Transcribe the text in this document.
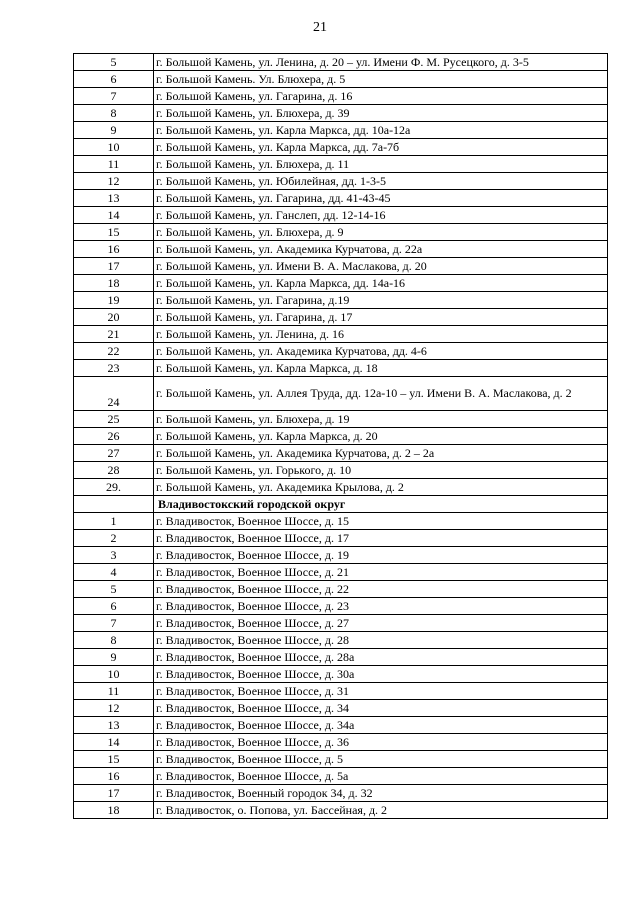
21
5	г. Большой Камень, ул. Ленина, д. 20 – ул. Имени Ф. М. Русецкого, д. 3-5
6	г. Большой Камень. Ул. Блюхера, д. 5
7	г. Большой Камень, ул. Гагарина, д. 16
8	г. Большой Камень, ул. Блюхера, д. 39
9	г. Большой Камень, ул. Карла Маркса, дд. 10а-12а
10	г. Большой Камень, ул. Карла Маркса, дд. 7а-7б
11	г. Большой Камень, ул. Блюхера, д. 11
12	г. Большой Камень, ул. Юбилейная, дд. 1-3-5
13	г. Большой Камень, ул. Гагарина, дд. 41-43-45
14	г. Большой Камень, ул. Ганслеп, дд. 12-14-16
15	г. Большой Камень, ул. Блюхера, д. 9
16	г. Большой Камень, ул. Академика Курчатова, д. 22а
17	г. Большой Камень, ул. Имени В. А. Маслакова, д. 20
18	г. Большой Камень, ул. Карла Маркса, дд. 14а-16
19	г. Большой Камень, ул. Гагарина, д.19
20	г. Большой Камень, ул. Гагарина, д. 17
21	г. Большой Камень, ул. Ленина, д. 16
22	г. Большой Камень, ул. Академика Курчатова, дд. 4-6
23	г. Большой Камень, ул. Карла Маркса, д. 18
24	г. Большой Камень, ул. Аллея Труда, дд. 12а-10 – ул. Имени В. А. Маслакова, д. 2
25	г. Большой Камень, ул. Блюхера, д. 19
26	г. Большой Камень, ул. Карла Маркса, д. 20
27	г. Большой Камень, ул. Академика Курчатова, д. 2 – 2а
28	г. Большой Камень, ул. Горького, д. 10
29.	г. Большой Камень, ул. Академика Крылова, д. 2
	Владивостокский городской округ
1	г. Владивосток, Военное Шоссе, д. 15
2	г. Владивосток, Военное Шоссе, д. 17
3	г. Владивосток, Военное Шоссе, д. 19
4	г. Владивосток, Военное Шоссе, д. 21
5	г. Владивосток, Военное Шоссе, д. 22
6	г. Владивосток, Военное Шоссе, д. 23
7	г. Владивосток, Военное Шоссе, д. 27
8	г. Владивосток, Военное Шоссе, д. 28
9	г. Владивосток, Военное Шоссе, д. 28а
10	г. Владивосток, Военное Шоссе, д. 30а
11	г. Владивосток, Военное Шоссе, д. 31
12	г. Владивосток, Военное Шоссе, д. 34
13	г. Владивосток, Военное Шоссе, д. 34а
14	г. Владивосток, Военное Шоссе, д. 36
15	г. Владивосток, Военное Шоссе, д. 5
16	г. Владивосток, Военное Шоссе, д. 5а
17	г. Владивосток, Военный городок 34, д. 32
18	г. Владивосток, о. Попова, ул. Бассейная, д. 2
